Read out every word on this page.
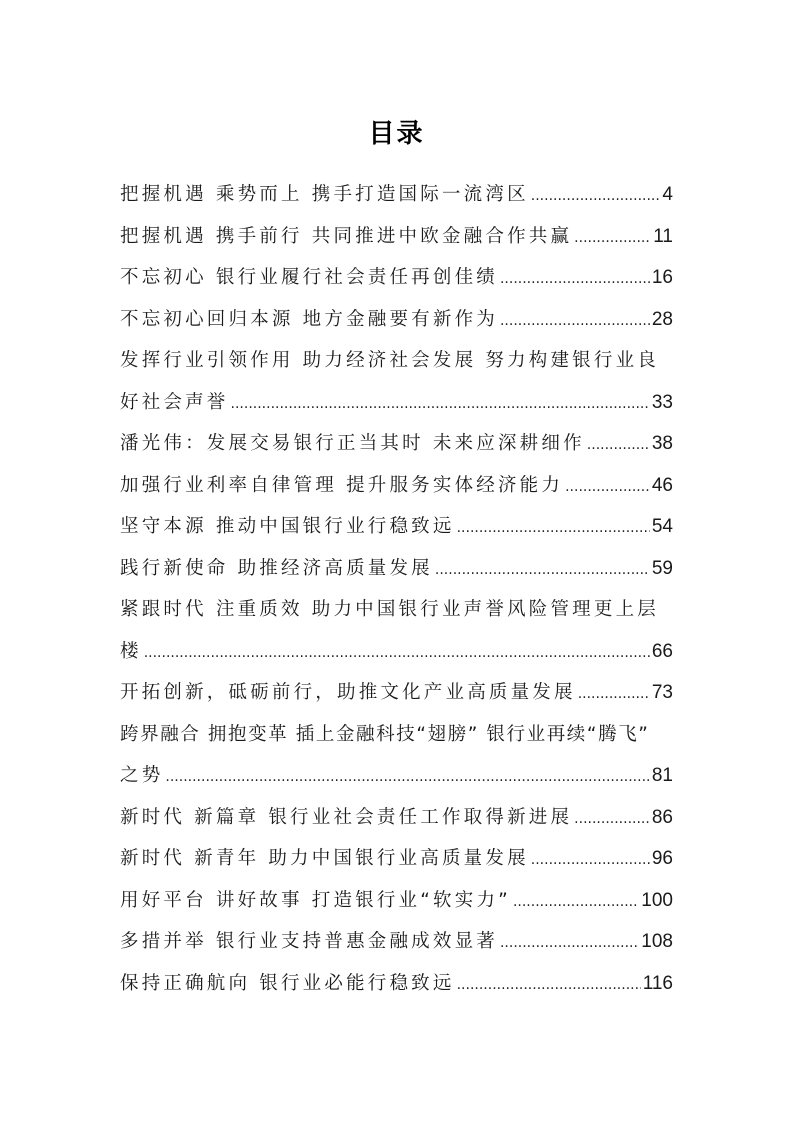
目录
把握机遇 乘势而上 携手打造国际一流湾区 .....	4
把握机遇 携手前行 共同推进中欧金融合作共赢 .....	11
不忘初心 银行业履行社会责任再创佳绩 .....	16
不忘初心回归本源 地方金融要有新作为 .....	28
发挥行业引领作用 助力经济社会发展 努力构建银行业良
好社会声誉 .....	33
潘光伟：发展交易银行正当其时 未来应深耕细作 .....	38
加强行业利率自律管理 提升服务实体经济能力 .....	46
坚守本源 推动中国银行业行稳致远 .....	54
践行新使命 助推经济高质量发展 .....	59
紧跟时代 注重质效 助力中国银行业声誉风险管理更上层
楼 .....	66
开拓创新，砥砺前行，助推文化产业高质量发展 .....	73
跨界融合 拥抱变革 插上金融科技“翅膀” 银行业再续“腾飞”
之势 .....	81
新时代 新篇章 银行业社会责任工作取得新进展 .....	86
新时代 新青年 助力中国银行业高质量发展 .....	96
用好平台 讲好故事 打造银行业“软实力” .....	100
多措并举 银行业支持普惠金融成效显著 .....	108
保持正确航向 银行业必能行稳致远 .....	116
